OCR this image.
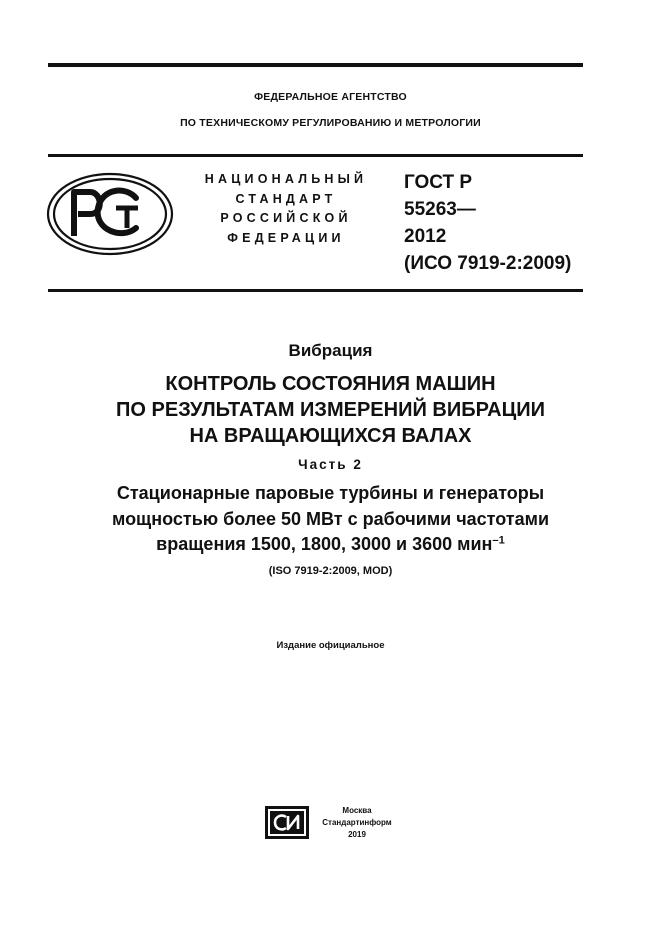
ФЕДЕРАЛЬНОЕ АГЕНТСТВО
ПО ТЕХНИЧЕСКОМУ РЕГУЛИРОВАНИЮ И МЕТРОЛОГИИ
НАЦИОНАЛЬНЫЙ
СТАНДАРТ
РОССИЙСКОЙ
ФЕДЕРАЦИИ
ГОСТ Р
55263—
2012
(ИСО 7919-2:2009)
Вибрация
КОНТРОЛЬ СОСТОЯНИЯ МАШИН
ПО РЕЗУЛЬТАТАМ ИЗМЕРЕНИЙ ВИБРАЦИИ
НА ВРАЩАЮЩИХСЯ ВАЛАХ
Часть 2
Стационарные паровые турбины и генераторы
мощностью более 50 МВт с рабочими частотами
вращения 1500, 1800, 3000 и 3600 мин$^{-1}$
(ISO 7919-2:2009, MOD)
Издание официальное
Москва
Стандартинформ
2019
